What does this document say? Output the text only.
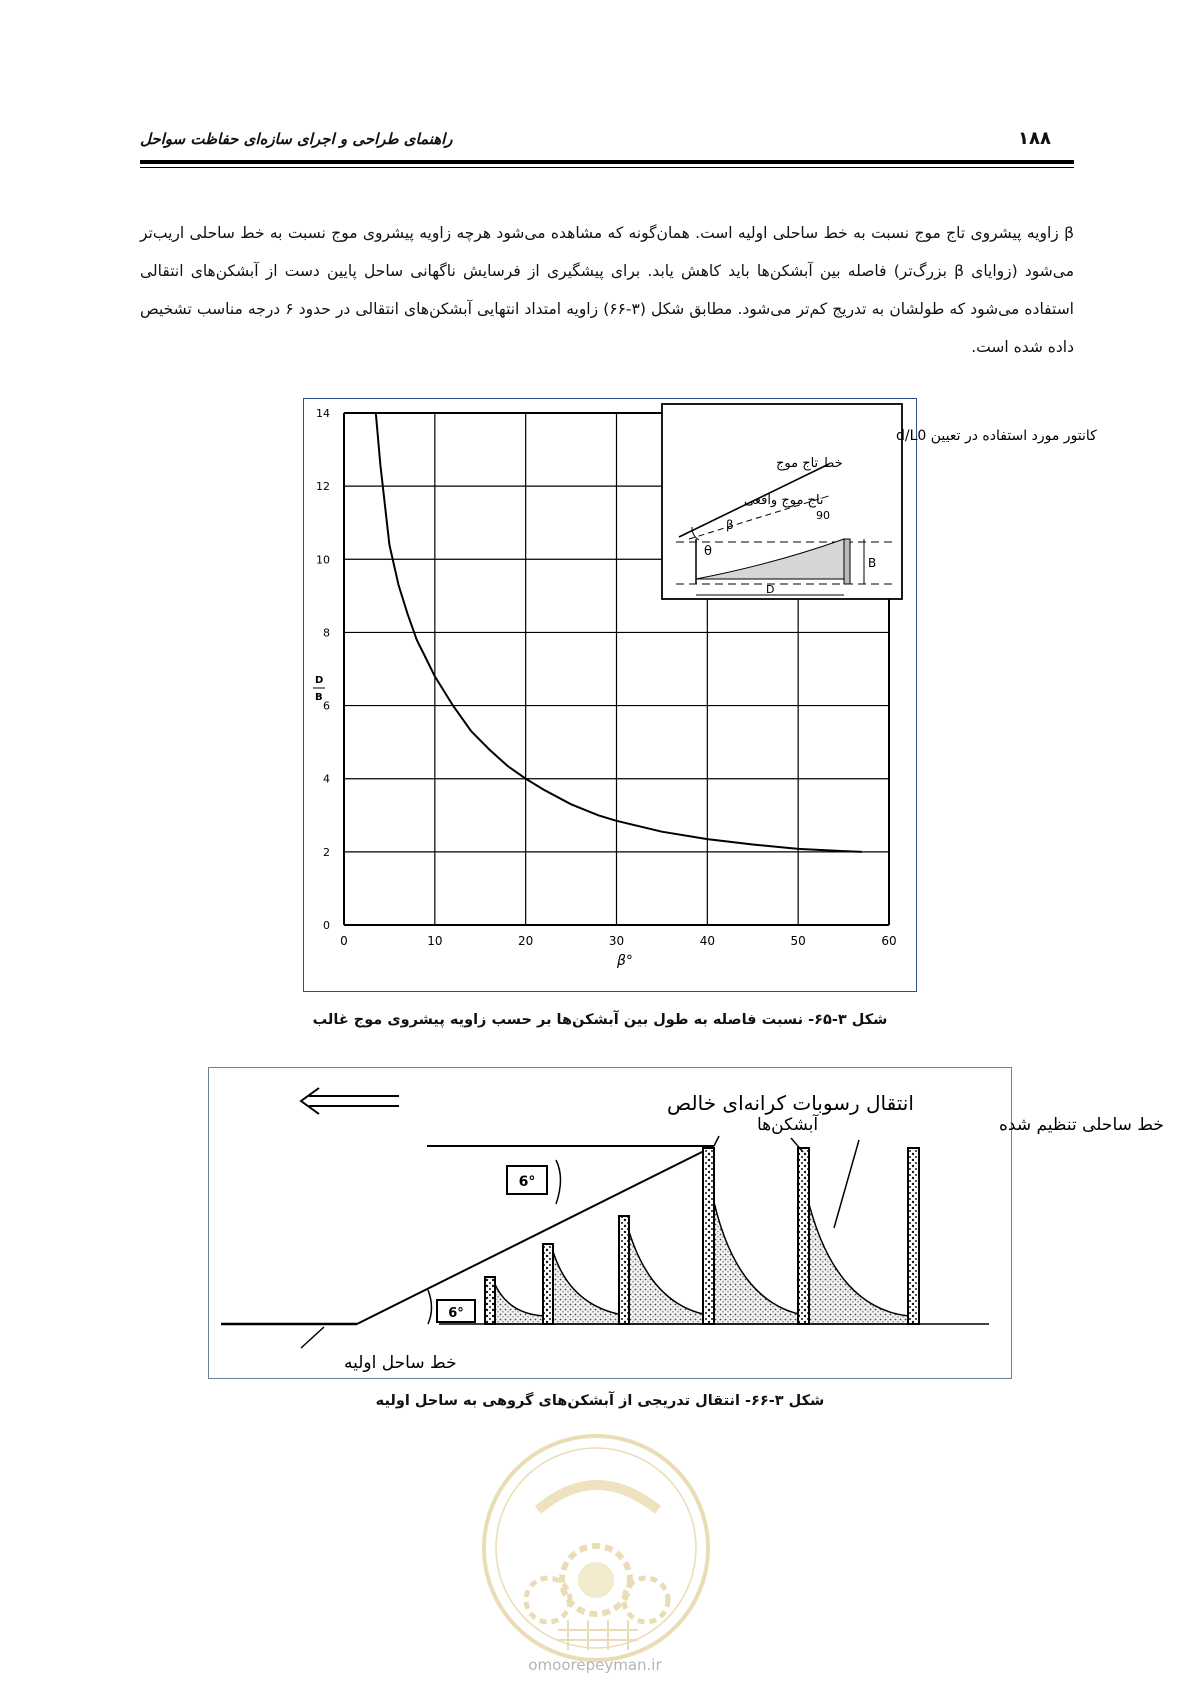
راهنمای طراحی و اجرای سازه‌ای حفاظت سواحل	۱۸۸

β زاویه پیشروی تاج موج نسبت به خط ساحلی اولیه است. همان‌گونه که مشاهده می‌شود هرچه زاویه پیشروی موج نسبت به خط ساحلی اریب‌تر می‌شود (زوایای β بزرگ‌تر) فاصله بین آبشکن‌ها باید کاهش یابد. برای پیشگیری از فرسایش ناگهانی ساحل پایین دست از آبشکن‌های انتقالی استفاده می‌شود که طولشان به تدریج کم‌تر می‌شود. مطابق شکل (۳-۶۶) زاویه امتداد انتهایی آبشکن‌های انتقالی در حدود ۶ درجه مناسب تشخیص داده شده است.

0	10	20	30	40	50	60
0
2
4
6
8
10
12
14
D
B
β°
کانتور مورد استفاده در تعیین d/L0
خط تاج موج
تاج موج واقعی
B
D
θ
β
90
شکل ۳-۶۵- نسبت فاصله به طول بین آبشکن‌ها بر حسب زاویه پیشروی موج غالب
انتقال رسوبات کرانه‌ای خالص
6°
6°
آبشکن‌ها	خط ساحلی تنظیم شده
خط ساحل اولیه
شکل ۳-۶۶- انتقال تدریجی از آبشکن‌های گروهی به ساحل اولیه
omoorepeyman.ir
